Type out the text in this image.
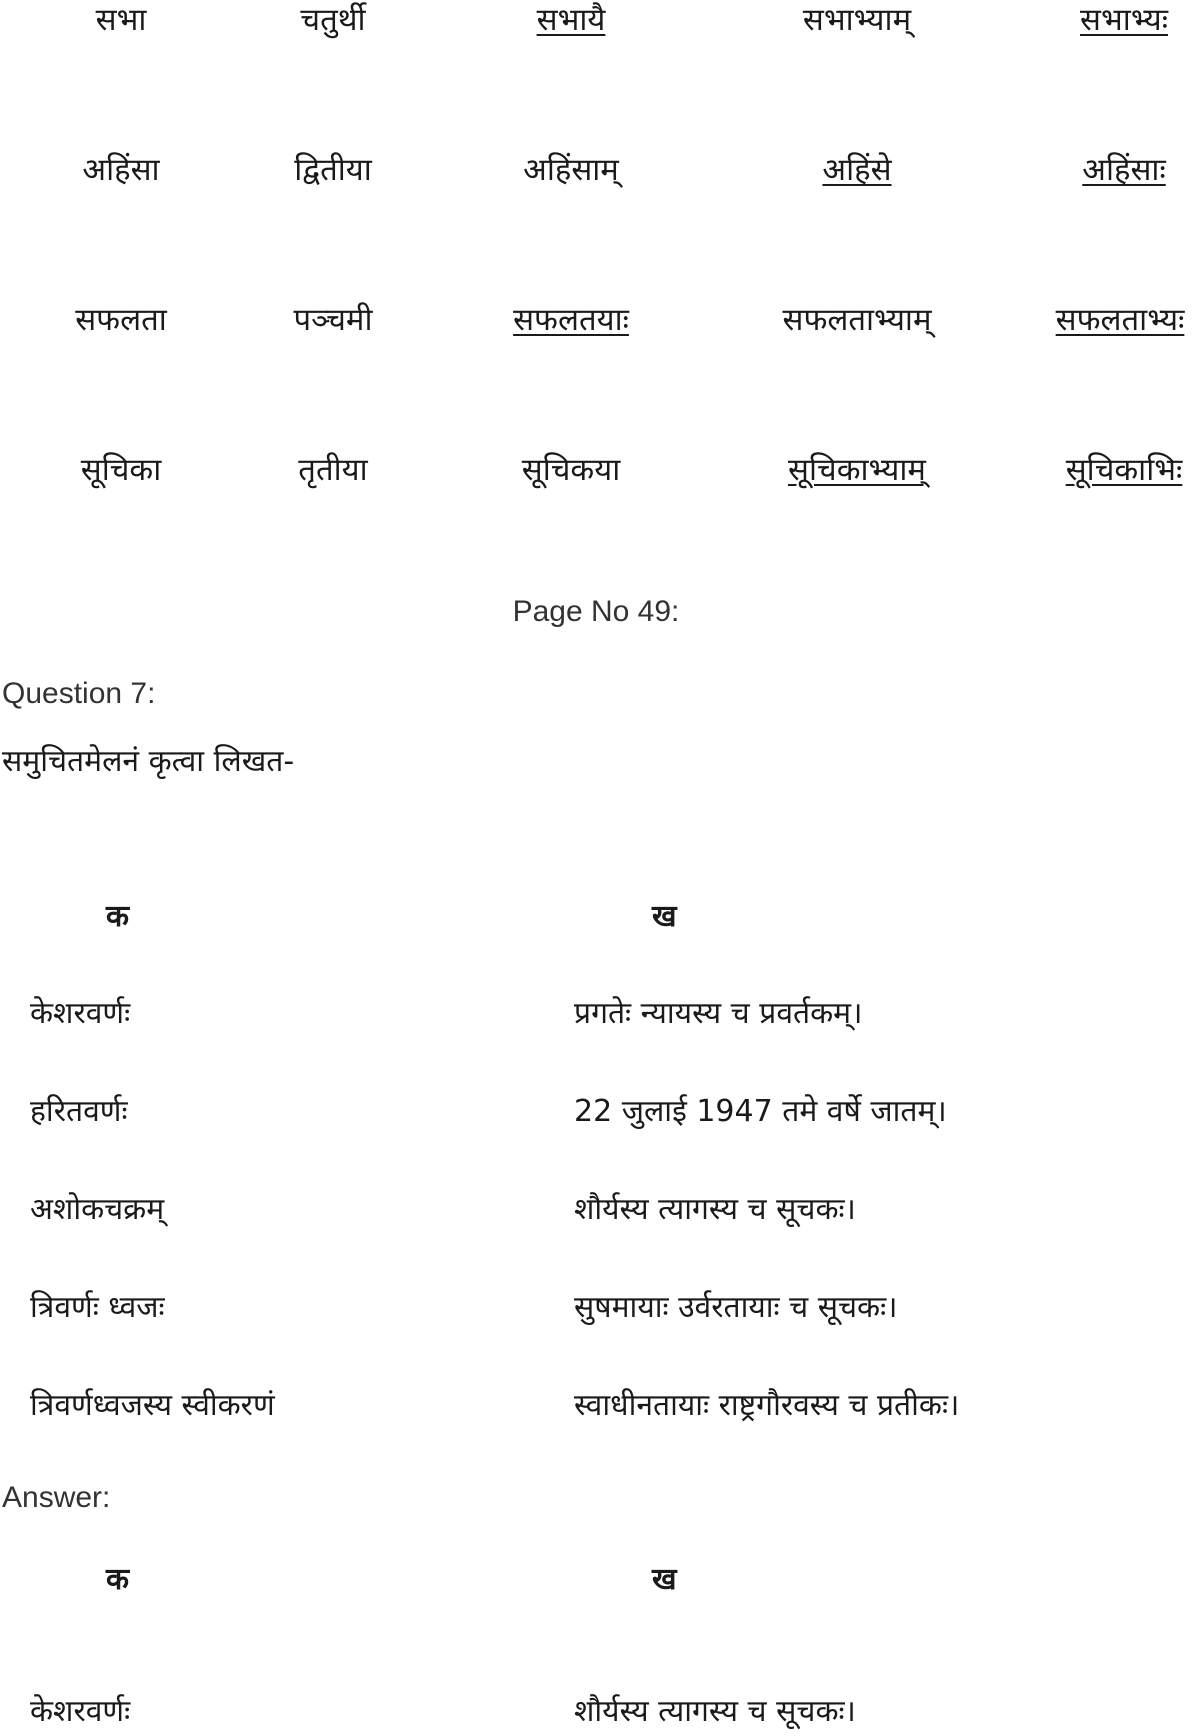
सभा	चतुर्थी	सभायै	सभाभ्याम्	सभाभ्यः
अहिंसा	द्वितीया	अहिंसाम्	अहिंसे	अहिंसाः
सफलता	पञ्चमी	सफलतयाः	सफलताभ्याम्	सफलताभ्यः
सूचिका	तृतीया	सूचिकया	सूचिकाभ्याम्	सूचिकाभिः
Page No 49:
Question 7:
समुचितमेलनं कृत्वा लिखत-
क	ख
केशरवर्णः	प्रगतेः न्यायस्य च प्रवर्तकम्।
हरितवर्णः	22 जुलाई 1947 तमे वर्षे जातम्।
अशोकचक्रम्	शौर्यस्य त्यागस्य च सूचकः।
त्रिवर्णः ध्वजः	सुषमायाः उर्वरतायाः च सूचकः।
त्रिवर्णध्वजस्य स्वीकरणं	स्वाधीनतायाः राष्ट्रगौरवस्य च प्रतीकः।
Answer:
क	ख
केशरवर्णः	शौर्यस्य त्यागस्य च सूचकः।
